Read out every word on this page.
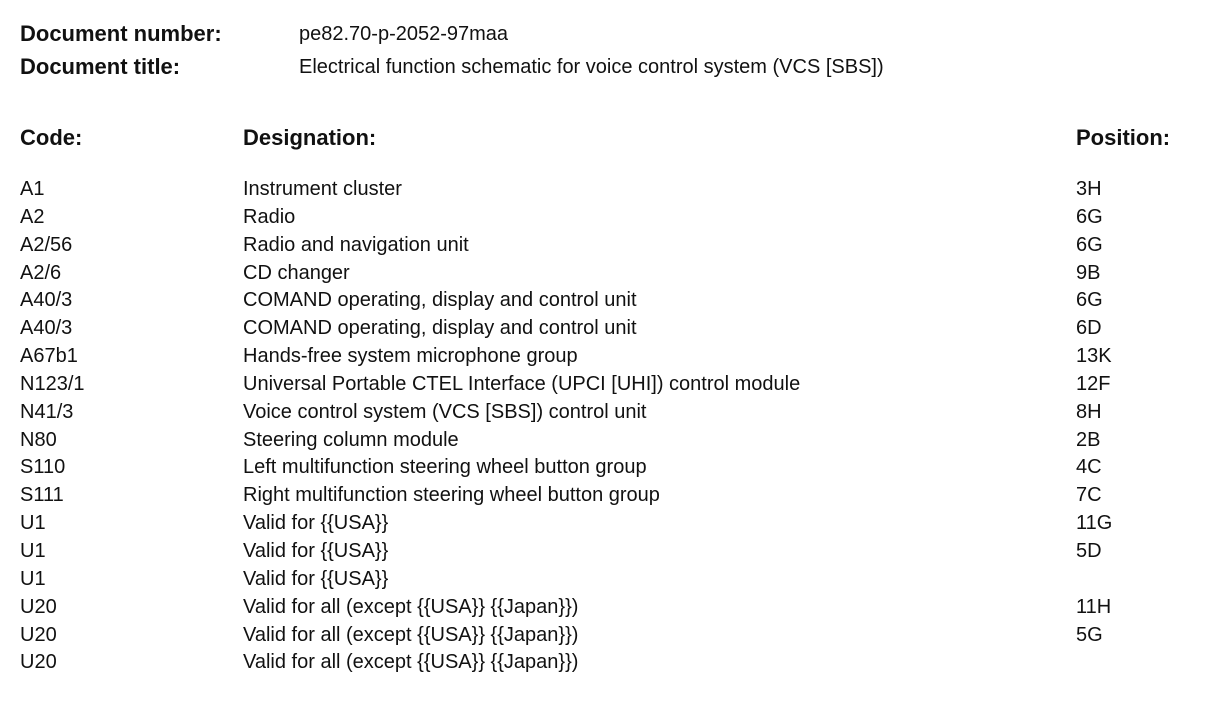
Document number:	pe82.70-p-2052-97maa
Document title:	Electrical function schematic for voice control system (VCS [SBS])
Code:	Designation:	Position:
A1	Instrument cluster	3H
A2	Radio	6G
A2/56	Radio and navigation unit	6G
A2/6	CD changer	9B
A40/3	COMAND operating, display and control unit	6G
A40/3	COMAND operating, display and control unit	6D
A67b1	Hands-free system microphone group	13K
N123/1	Universal Portable CTEL Interface (UPCI [UHI]) control module	12F
N41/3	Voice control system (VCS [SBS]) control unit	8H
N80	Steering column module	2B
S110	Left multifunction steering wheel button group	4C
S111	Right multifunction steering wheel button group	7C
U1	Valid for {{USA}}	11G
U1	Valid for {{USA}}	5D
U1	Valid for {{USA}}
U20	Valid for all (except {{USA}} {{Japan}})	11H
U20	Valid for all (except {{USA}} {{Japan}})	5G
U20	Valid for all (except {{USA}} {{Japan}})
